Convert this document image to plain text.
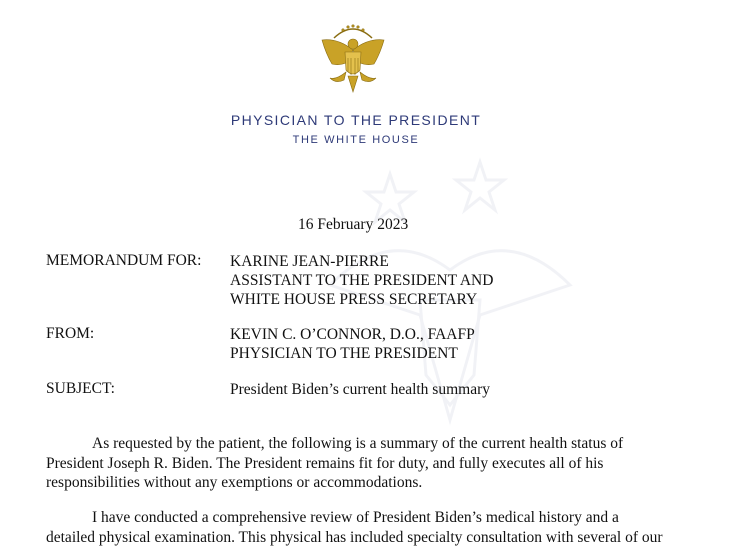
PHYSICIAN TO THE PRESIDENT
THE WHITE HOUSE
16 February 2023
MEMORANDUM FOR: KARINE JEAN-PIERRE
ASSISTANT TO THE PRESIDENT AND
WHITE HOUSE PRESS SECRETARY
FROM:	KEVIN C. O’CONNOR, D.O., FAAFP
PHYSICIAN TO THE PRESIDENT
SUBJECT:	President Biden’s current health summary
As requested by the patient, the following is a summary of the current health status of
President Joseph R. Biden. The President remains fit for duty, and fully executes all of his
responsibilities without any exemptions or accommodations.
I have conducted a comprehensive review of President Biden’s medical history and a
detailed physical examination. This physical has included specialty consultation with several of our
